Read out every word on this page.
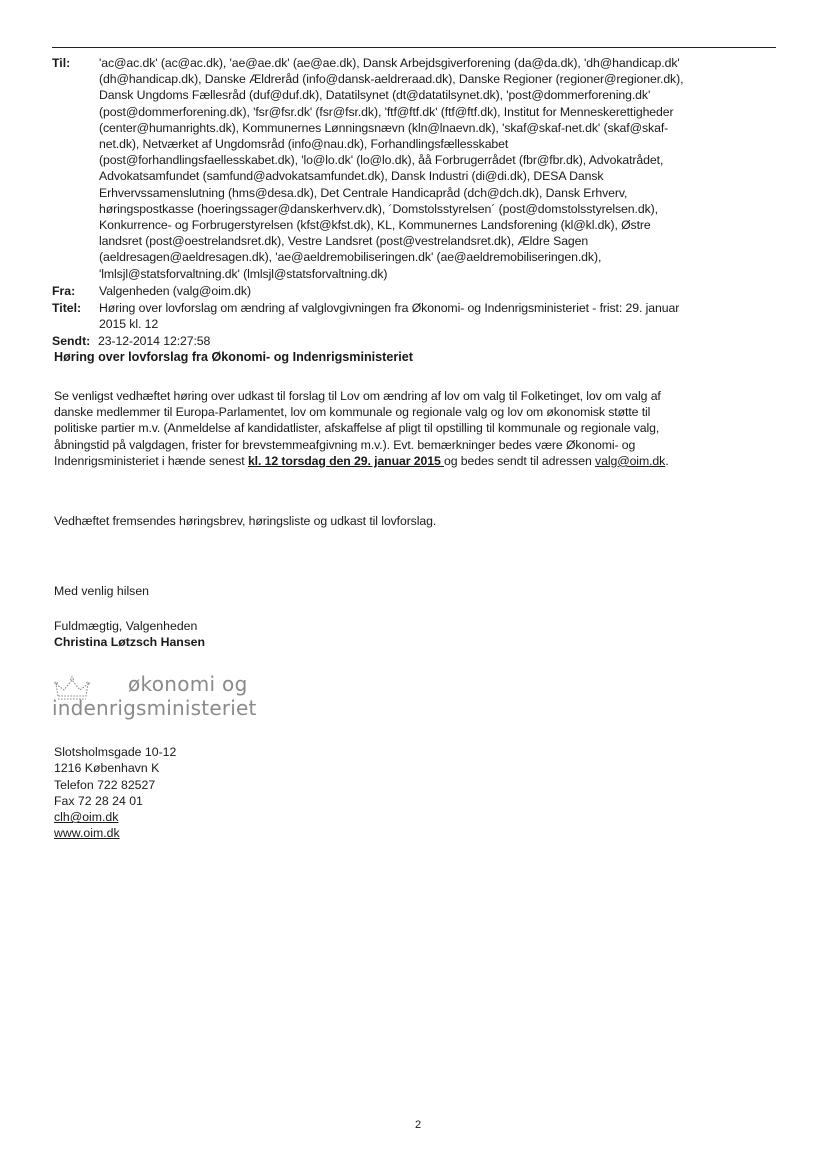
Til:	'ac@ac.dk' (ac@ac.dk), 'ae@ae.dk' (ae@ae.dk), Dansk Arbejdsgiverforening (da@da.dk), 'dh@handicap.dk'
(dh@handicap.dk), Danske Ældreråd (info@dansk-aeldreraad.dk), Danske Regioner (regioner@regioner.dk),
Dansk Ungdoms Fællesråd (duf@duf.dk), Datatilsynet (dt@datatilsynet.dk), 'post@dommerforening.dk'
(post@dommerforening.dk), 'fsr@fsr.dk' (fsr@fsr.dk), 'ftf@ftf.dk' (ftf@ftf.dk), Institut for Menneskerettigheder
(center@humanrights.dk), Kommunernes Lønningsnævn (kln@lnaevn.dk), 'skaf@skaf-net.dk' (skaf@skaf-
net.dk), Netværket af Ungdomsråd (info@nau.dk), Forhandlingsfællesskabet
(post@forhandlingsfaellesskabet.dk), 'lo@lo.dk' (lo@lo.dk), åå Forbrugerrådet (fbr@fbr.dk), Advokatrådet,
Advokatsamfundet (samfund@advokatsamfundet.dk), Dansk Industri (di@di.dk), DESA Dansk
Erhvervssamenslutning (hms@desa.dk), Det Centrale Handicapråd (dch@dch.dk), Dansk Erhverv,
høringspostkasse (hoeringssager@danskerhverv.dk), ´Domstolsstyrelsen´ (post@domstolsstyrelsen.dk),
Konkurrence- og Forbrugerstyrelsen (kfst@kfst.dk), KL, Kommunernes Landsforening (kl@kl.dk), Østre
landsret (post@oestrelandsret.dk), Vestre Landsret (post@vestrelandsret.dk), Ældre Sagen
(aeldresagen@aeldresagen.dk), 'ae@aeldremobiliseringen.dk' (ae@aeldremobiliseringen.dk),
'lmlsjl@statsforvaltning.dk' (lmlsjl@statsforvaltning.dk)
Fra:	Valgenheden (valg@oim.dk)
Titel:	Høring over lovforslag om ændring af valglovgivningen fra Økonomi- og Indenrigsministeriet - frist: 29. januar
2015 kl. 12
Sendt: 23-12-2014 12:27:58
Høring over lovforslag fra Økonomi- og Indenrigsministeriet
Se venligst vedhæftet høring over udkast til forslag til Lov om ændring af lov om valg til Folketinget, lov om valg af
danske medlemmer til Europa-Parlamentet, lov om kommunale og regionale valg og lov om økonomisk støtte til
politiske partier m.v. (Anmeldelse af kandidatlister, afskaffelse af pligt til opstilling til kommunale og regionale valg,
åbningstid på valgdagen, frister for brevstemmeafgivning m.v.). Evt. bemærkninger bedes være Økonomi- og
Indenrigsministeriet i hænde senest kl. 12 torsdag den 29. januar 2015 og bedes sendt til adressen valg@oim.dk.
Vedhæftet fremsendes høringsbrev, høringsliste og udkast til lovforslag.
Med venlig hilsen
Fuldmægtig, Valgenheden
Christina Løtzsch Hansen
økonomi og
indenrigsministeriet
Slotsholmsgade 10-12
1216 København K
Telefon 722 82527
Fax 72 28 24 01
clh@oim.dk
www.oim.dk
2
